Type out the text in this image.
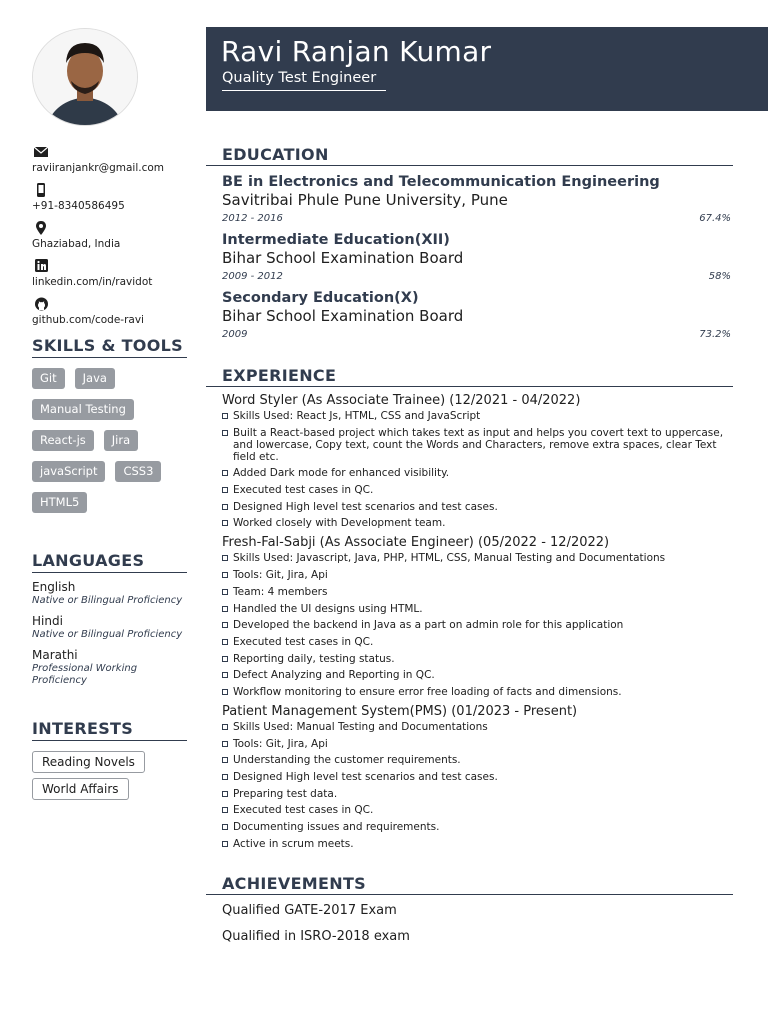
raviiranjankr@gmail.com
+91-8340586495
Ghaziabad, India
linkedin.com/in/ravidot
github.com/code-ravi
SKILLS & TOOLS
Git	Java
Manual Testing
React-js	Jira
javaScript	CSS3
HTML5
LANGUAGES
English
Native or Bilingual Proficiency
Hindi
Native or Bilingual Proficiency
Marathi
Professional Working Proficiency
INTERESTS
Reading Novels
World Affairs
Ravi Ranjan Kumar
Quality Test Engineer
EDUCATION
BE in Electronics and Telecommunication Engineering
Savitribai Phule Pune University, Pune
2012 - 2016	67.4%
Intermediate Education(XII)
Bihar School Examination Board
2009 - 2012	58%
Secondary Education(X)
Bihar School Examination Board
2009	73.2%
EXPERIENCE
Word Styler (As Associate Trainee) (12/2021 - 04/2022)
Skills Used: React Js, HTML, CSS and JavaScript
Built a React-based project which takes text as input and helps you covert text to uppercase, and lowercase, Copy text, count the Words and Characters, remove extra spaces, clear Text field etc.
Added Dark mode for enhanced visibility.
Executed test cases in QC.
Designed High level test scenarios and test cases.
Worked closely with Development team.
Fresh-Fal-Sabji (As Associate Engineer) (05/2022 - 12/2022)
Skills Used: Javascript, Java, PHP, HTML, CSS, Manual Testing and Documentations
Tools: Git, Jira, Api
Team: 4 members
Handled the UI designs using HTML.
Developed the backend in Java as a part on admin role for this application
Executed test cases in QC.
Reporting daily, testing status.
Defect Analyzing and Reporting in QC.
Workflow monitoring to ensure error free loading of facts and dimensions.
Patient Management System(PMS) (01/2023 - Present)
Skills Used: Manual Testing and Documentations
Tools: Git, Jira, Api
Understanding the customer requirements.
Designed High level test scenarios and test cases.
Preparing test data.
Executed test cases in QC.
Documenting issues and requirements.
Active in scrum meets.
ACHIEVEMENTS
Qualified GATE-2017 Exam
Qualified in ISRO-2018 exam
